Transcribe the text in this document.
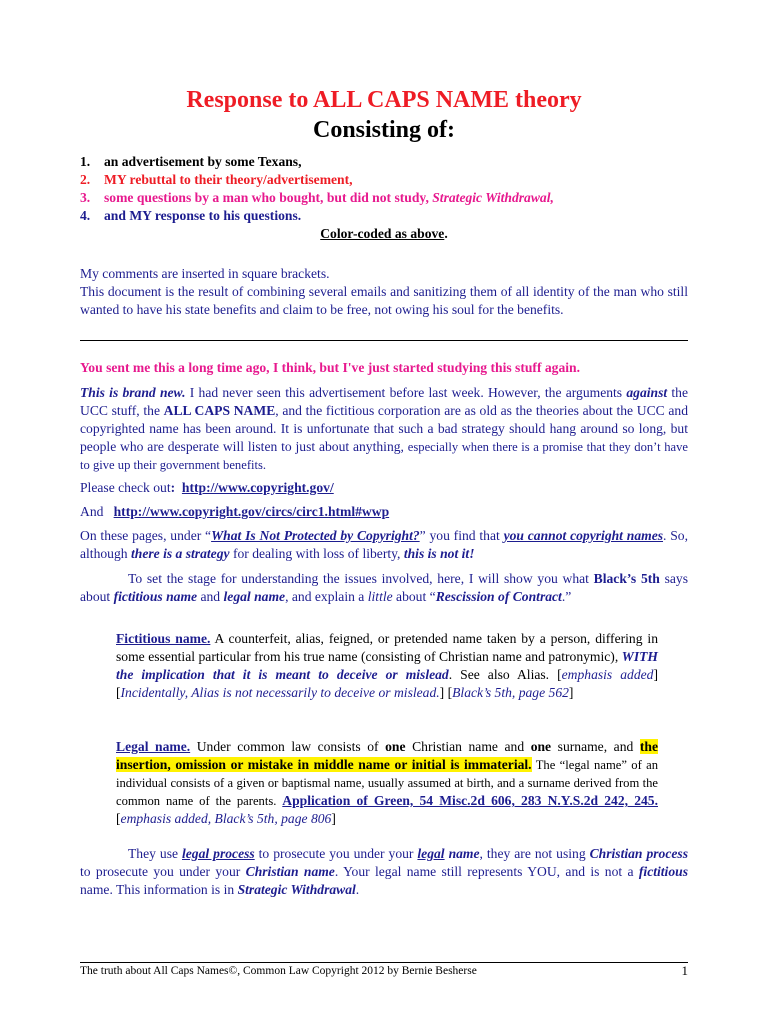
Response to ALL CAPS NAME theory
Consisting of:
1. an advertisement by some Texans,
2. MY rebuttal to their theory/advertisement,
3. some questions by a man who bought, but did not study, Strategic Withdrawal,
4. and MY response to his questions.
Color-coded as above.

My comments are inserted in square brackets.

This document is the result of combining several emails and sanitizing them of all identity of the man who still wanted to have his state benefits and claim to be free, not owing his soul for the benefits.

You sent me this a long time ago, I think, but I've just started studying this stuff again.

This is brand new. I had never seen this advertisement before last week. However, the arguments against the UCC stuff, the ALL CAPS NAME, and the fictitious corporation are as old as the theories about the UCC and copyrighted name has been around. It is unfortunate that such a bad strategy should hang around so long, but people who are desperate will listen to just about anything, especially when there is a promise that they don’t have to give up their government benefits.

Please check out: http://www.copyright.gov/
And http://www.copyright.gov/circs/circ1.html#wwp
On these pages, under “What Is Not Protected by Copyright?” you find that you cannot copyright names. So, although there is a strategy for dealing with loss of liberty, this is not it!

To set the stage for understanding the issues involved, here, I will show you what Black’s 5th says about fictitious name and legal name, and explain a little about “Rescission of Contract.”

Fictitious name. A counterfeit, alias, feigned, or pretended name taken by a person, differing in some essential particular from his true name (consisting of Christian name and patronymic), WITH the implication that it is meant to deceive or mislead. See also Alias. [emphasis added] [Incidentally, Alias is not necessarily to deceive or mislead.] [Black’s 5th, page 562]
Legal name. Under common law consists of one Christian name and one surname, and the insertion, omission or mistake in middle name or initial is immaterial. The “legal name” of an individual consists of a given or baptismal name, usually assumed at birth, and a surname derived from the common name of the parents. Application of Green, 54 Misc.2d 606, 283 N.Y.S.2d 242, 245. [emphasis added, Black’s 5th, page 806]

They use legal process to prosecute you under your legal name, they are not using Christian process to prosecute you under your Christian name. Your legal name still represents YOU, and is not a fictitious name. This information is in Strategic Withdrawal.

The truth about All Caps Names©, Common Law Copyright 2012 by Bernie Besherse	1
